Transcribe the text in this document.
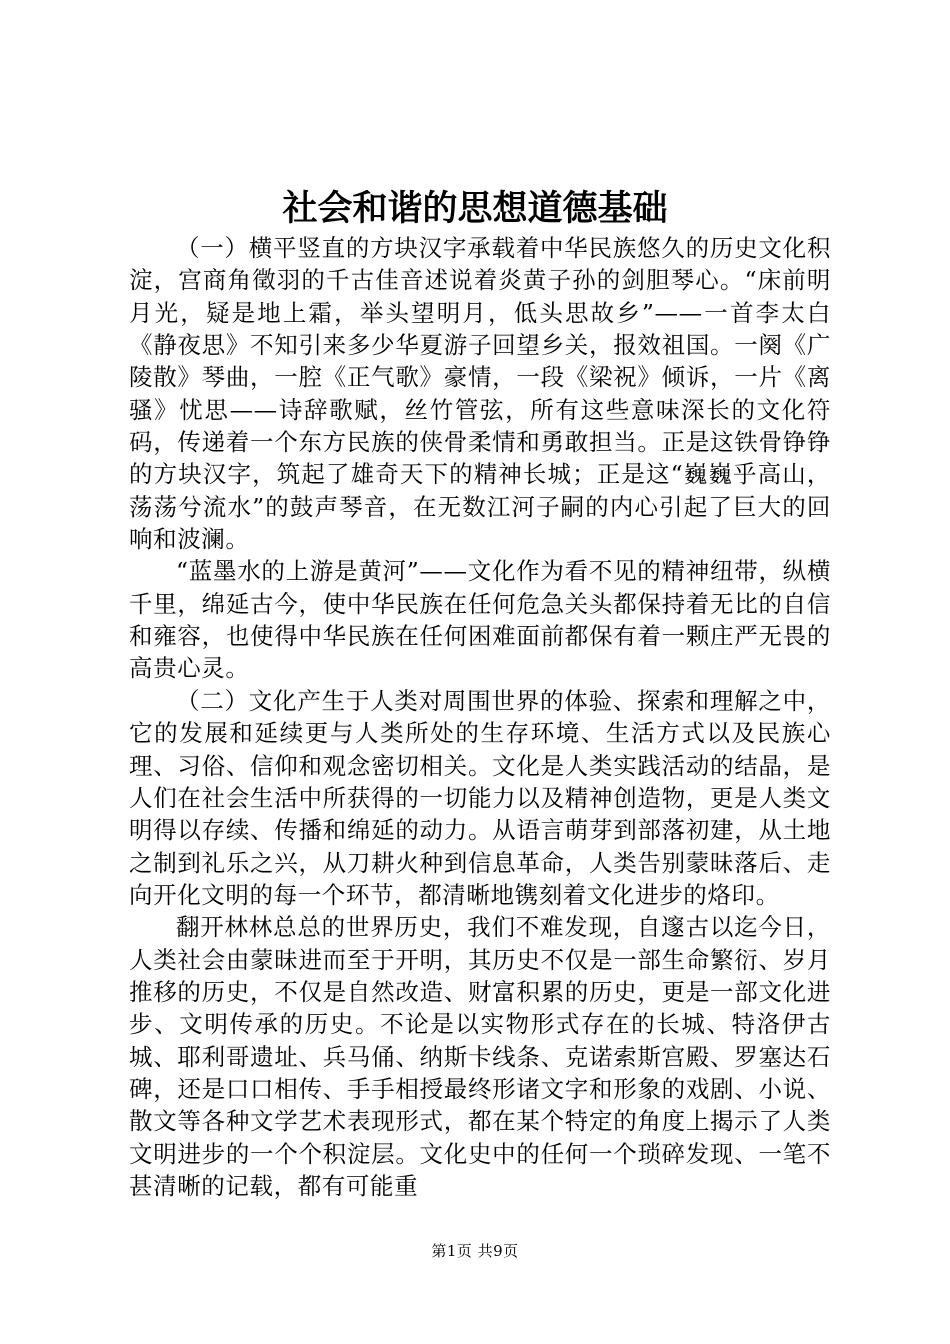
社会和谐的思想道德基础

（一）横平竖直的方块汉字承载着中华民族悠久的历史文化积淀，宫商角徵羽的千古佳音述说着炎黄子孙的剑胆琴心。“床前明月光，疑是地上霜，举头望明月，低头思故乡”——一首李太白《静夜思》不知引来多少华夏游子回望乡关，报效祖国。一阕《广陵散》琴曲，一腔《正气歌》豪情，一段《梁祝》倾诉，一片《离骚》忧思——诗辞歌赋，丝竹管弦，所有这些意味深长的文化符码，传递着一个东方民族的侠骨柔情和勇敢担当。正是这铁骨铮铮的方块汉字，筑起了雄奇天下的精神长城；正是这“巍巍乎高山，荡荡兮流水”的鼓声琴音，在无数江河子嗣的内心引起了巨大的回响和波澜。

“蓝墨水的上游是黄河”——文化作为看不见的精神纽带，纵横千里，绵延古今，使中华民族在任何危急关头都保持着无比的自信和雍容，也使得中华民族在任何困难面前都保有着一颗庄严无畏的高贵心灵。

（二）文化产生于人类对周围世界的体验、探索和理解之中，它的发展和延续更与人类所处的生存环境、生活方式以及民族心理、习俗、信仰和观念密切相关。文化是人类实践活动的结晶，是人们在社会生活中所获得的一切能力以及精神创造物，更是人类文明得以存续、传播和绵延的动力。从语言萌芽到部落初建，从土地之制到礼乐之兴，从刀耕火种到信息革命，人类告别蒙昧落后、走向开化文明的每一个环节，都清晰地镌刻着文化进步的烙印。

翻开林林总总的世界历史，我们不难发现，自邃古以迄今日，人类社会由蒙昧进而至于开明，其历史不仅是一部生命繁衍、岁月推移的历史，不仅是自然改造、财富积累的历史，更是一部文化进步、文明传承的历史。不论是以实物形式存在的长城、特洛伊古城、耶利哥遗址、兵马俑、纳斯卡线条、克诺索斯宫殿、罗塞达石碑，还是口口相传、手手相授最终形诸文字和形象的戏剧、小说、散文等各种文学艺术表现形式，都在某个特定的角度上揭示了人类文明进步的一个个积淀层。文化史中的任何一个琐碎发现、一笔不甚清晰的记载，都有可能重

第1页 共9页
